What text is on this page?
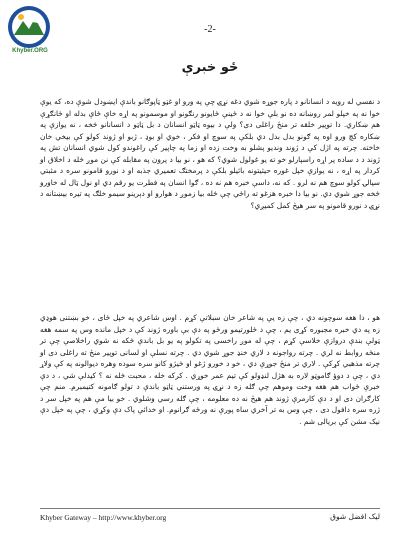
Khyber.ORG
-2-
ځو خبرې

د نفسي له رويه د انسانانو د پاره جوړه شوي دغه نړۍ چې په ورو او غټو ټاپوګانو باندې ايښودل شوې ده، که يوې خوا نه په خپلو لمر روښانه ده نو بلې خوا نه د ځينې ځايونو رنګونو او موسمونو په اړه خاې ځاې بدله او ځانګړې هم ښکاري. دا توپير خلقه تر منځ راغلى دى؟ ولې د بيوه ټاټو انسانان د بل ټاټو د انسانانو څخه ، نه يوازې په ښکاره کچ ورو اوه په ګونو بدل بدل دي بلکې په سوچ او فکر ، خوي او بوډ ، ژبو او ژوند کولو کې بيخي خان خاخته. چرته په اژل کې د ژوند ونديو پشلو به وخت زده او زما په چاپير کې راغوندو کول شوي انسانان تش په ژوند د د ساده پر اړه راسپارلو خو ته يو غولول شوي؟ که هو ، نو بيا د پرون په مقابله کې نن موږ څله د اخلاق او کردار په اړه ، نه يوازې خپل غوره حيثيتونه بائيلو بلکې د پرمختګ تعميري جذبه او د نورو قامونو سره د مثبتي سيالۍ کولو سوچ هم نه لرو . که نه، داسې خبره هم نه ده ، ګوا انسان په فطرت يو رقم دي او نول ټال له خاورو څخه جوړ شوي دي. نو بيا دا خبره هزغو ته راځي چې څله بيا زموږ د هوارو او دېرينو سيمو خلګ په تيره بيښتانه د نړۍ د نورو قامونو په سر هيڅ کمل کميږي؟

هو ، دا هغه سوچونه دي ، چې زه يې په شاعر خان سبلاتې کړم . اوس شاعري په خپل ځاى ، خو بښتنى هوډي زه په دي خبره مجبوره کړى يم ، چې د ځلورتيمو ورځو په دې بې باوره ژوند کې د خپل مانده وس په سمه هغه ټولې بندې دروازې خلاسې کړم ، چې له موږ راخسی په تکولو په يو بل باندې څکه نه شوي راخلاصې چې تر منځه روابط نه لري . چرته رواجونه د لاري خنډ جوړ شوي دي . چرته نسلې او لسانى توپير منځ ته راغلى دى او چرته مذهبي کړکې . لاري تر منځ جوړې دي ، خو د خورو ژغو او ځيژو کانو سره سوده وهره ديوالونه په کې ولاړ دي ، چې د دوؤ ګاموټو لاره به هژل لنډولو کې تيم عمر خوړي . کرکه خله ، محبت څله نه ؟ کيدلې شي ، د دې خبرې ځواب هم هغه وخت وموهم چې ګله زه د نړۍ په ورستني ټاټو باندې د تولو ګامونه کتيمبرم. منم چې کارګران دى او د دې کارمرې ژوند هم هيڅ نه ده معلومه ، چې ګله رسي وشلوي . خو بيا مې هم په خپل سر د ژره سره دافول دى ، چې وس به تر آخري ساه پورې نه ورځه ګرانوم. او خدائې پاک دې وکړي ، چې په خپل دې نيک مشن کې بريالى شم .

Khyber Gateway – http://www.khyber.org	لیک افضل شوق
